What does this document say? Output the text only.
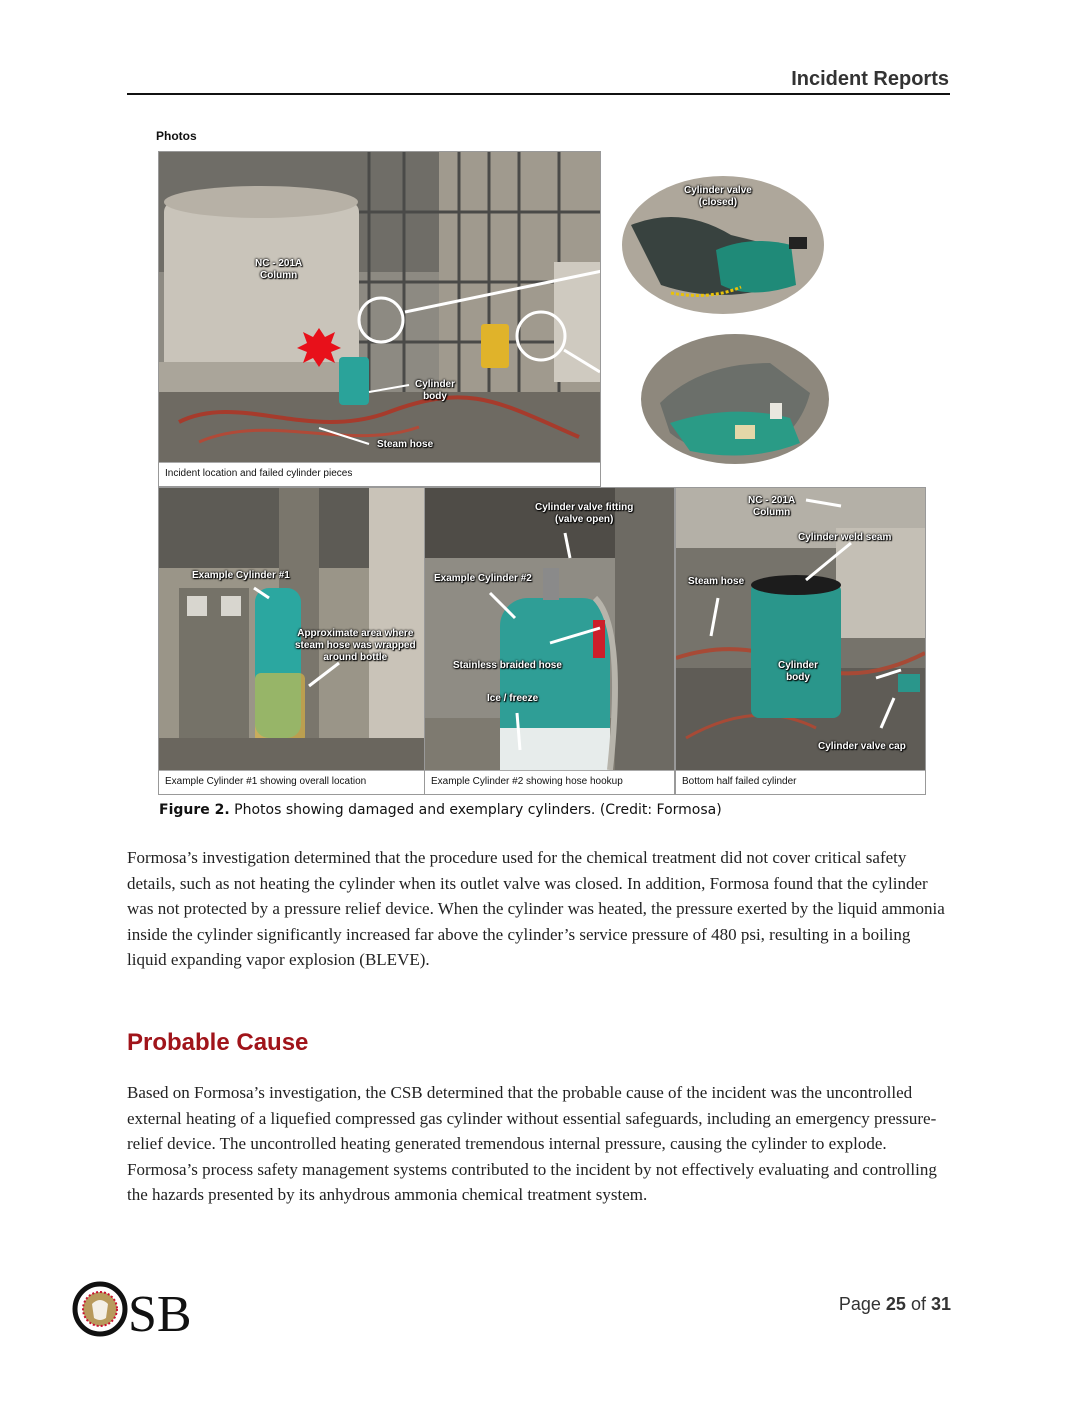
Incident Reports
Photos
NC - 201A
Column
Cylinder
body
Steam hose
Incident location and failed cylinder pieces
Cylinder valve
(closed)
Example Cylinder #1
Approximate area where
steam hose was wrapped
around bottle
Example Cylinder #1 showing overall location
Cylinder valve fitting
(valve open)
Example Cylinder #2
Stainless braided hose
Ice / freeze
Example Cylinder #2 showing hose hookup
NC - 201A
Column
Cylinder weld seam
Steam hose
Cylinder
body
Cylinder valve cap
Bottom half failed cylinder
Figure 2. Photos showing damaged and exemplary cylinders. (Credit: Formosa)

Formosa’s investigation determined that the procedure used for the chemical treatment did not cover critical safety details, such as not heating the cylinder when its outlet valve was closed. In addition, Formosa found that the cylinder was not protected by a pressure relief device. When the cylinder was heated, the pressure exerted by the liquid ammonia inside the cylinder significantly increased far above the cylinder’s service pressure of 480 psi, resulting in a boiling liquid expanding vapor explosion (BLEVE).

Probable Cause

Based on Formosa’s investigation, the CSB determined that the probable cause of the incident was the uncontrolled external heating of a liquefied compressed gas cylinder without essential safeguards, including an emergency pressure-relief device. The uncontrolled heating generated tremendous internal pressure, causing the cylinder to explode. Formosa’s process safety management systems contributed to the incident by not effectively evaluating and controlling the hazards presented by its anhydrous ammonia chemical treatment system.

SB	Page 25 of 31
